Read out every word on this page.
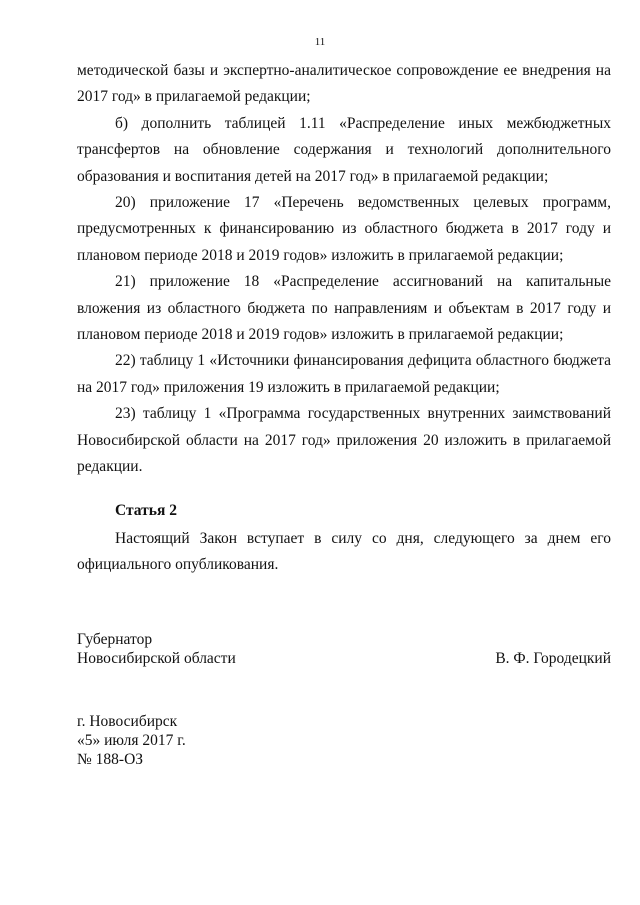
11

методической базы и экспертно-аналитическое сопровождение ее внедрения на 2017 год» в прилагаемой редакции;

б) дополнить таблицей 1.11 «Распределение иных межбюджетных трансфертов на обновление содержания и технологий дополнительного образования и воспитания детей на 2017 год» в прилагаемой редакции;

20) приложение 17 «Перечень ведомственных целевых программ, предусмотренных к финансированию из областного бюджета в 2017 году и плановом периоде 2018 и 2019 годов» изложить в прилагаемой редакции;

21) приложение 18 «Распределение ассигнований на капитальные вложения из областного бюджета по направлениям и объектам в 2017 году и плановом периоде 2018 и 2019 годов» изложить в прилагаемой редакции;

22) таблицу 1 «Источники финансирования дефицита областного бюджета на 2017 год» приложения 19 изложить в прилагаемой редакции;

23) таблицу 1 «Программа государственных внутренних заимствований Новосибирской области на 2017 год» приложения 20 изложить в прилагаемой редакции.

Статья 2

Настоящий Закон вступает в силу со дня, следующего за днем его официального опубликования.

Губернатор
Новосибирской области	В. Ф. Городецкий
г. Новосибирск
«5» июля 2017 г.
№ 188-ОЗ
